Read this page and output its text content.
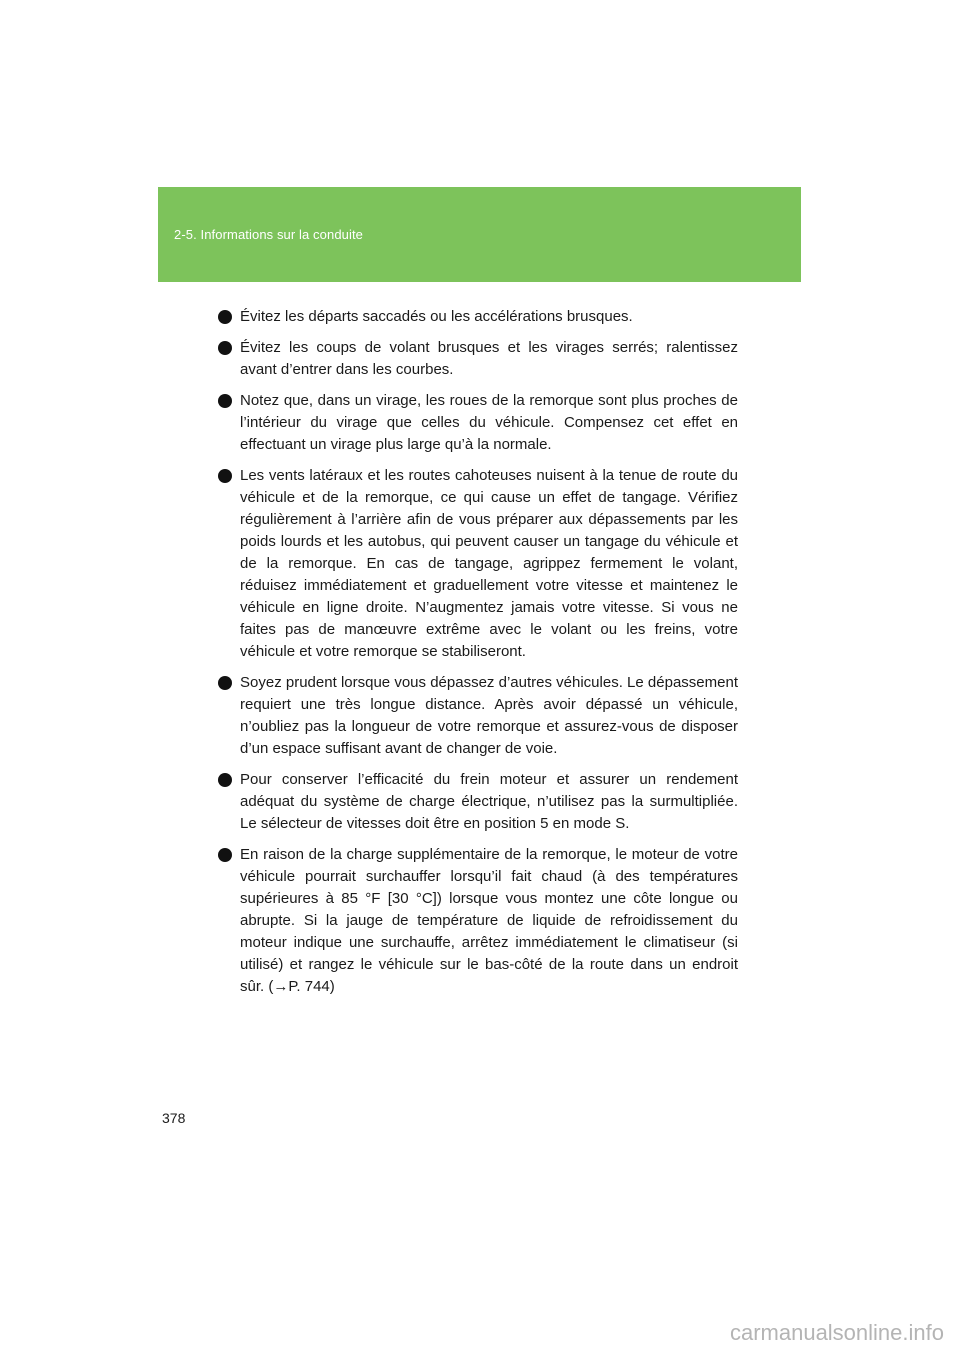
2-5. Informations sur la conduite
Évitez les départs saccadés ou les accélérations brusques.
Évitez les coups de volant brusques et les virages serrés; ralentissez avant d’entrer dans les courbes.
Notez que, dans un virage, les roues de la remorque sont plus proches de l’intérieur du virage que celles du véhicule. Compensez cet effet en effectuant un virage plus large qu’à la normale.
Les vents latéraux et les routes cahoteuses nuisent à la tenue de route du véhicule et de la remorque, ce qui cause un effet de tangage. Vérifiez régulièrement à l’arrière afin de vous préparer aux dépassements par les poids lourds et les autobus, qui peuvent causer un tangage du véhicule et de la remorque. En cas de tangage, agrippez fermement le volant, réduisez immédiatement et graduellement votre vitesse et maintenez le véhicule en ligne droite. N’augmentez jamais votre vitesse. Si vous ne faites pas de manœuvre extrême avec le volant ou les freins, votre véhicule et votre remorque se stabiliseront.
Soyez prudent lorsque vous dépassez d’autres véhicules. Le dépassement requiert une très longue distance. Après avoir dépassé un véhicule, n’oubliez pas la longueur de votre remorque et assurez-vous de disposer d’un espace suffisant avant de changer de voie.
Pour conserver l’efficacité du frein moteur et assurer un rendement adéquat du système de charge électrique, n’utilisez pas la surmultipliée. Le sélecteur de vitesses doit être en position 5 en mode S.
En raison de la charge supplémentaire de la remorque, le moteur de votre véhicule pourrait surchauffer lorsqu’il fait chaud (à des températures supérieures à 85 °F [30 °C]) lorsque vous montez une côte longue ou abrupte. Si la jauge de température de liquide de refroidissement du moteur indique une surchauffe, arrêtez immédiatement le climatiseur (si utilisé) et rangez le véhicule sur le bas-côté de la route dans un endroit sûr. (→P. 744)
378
carmanualsonline.info
